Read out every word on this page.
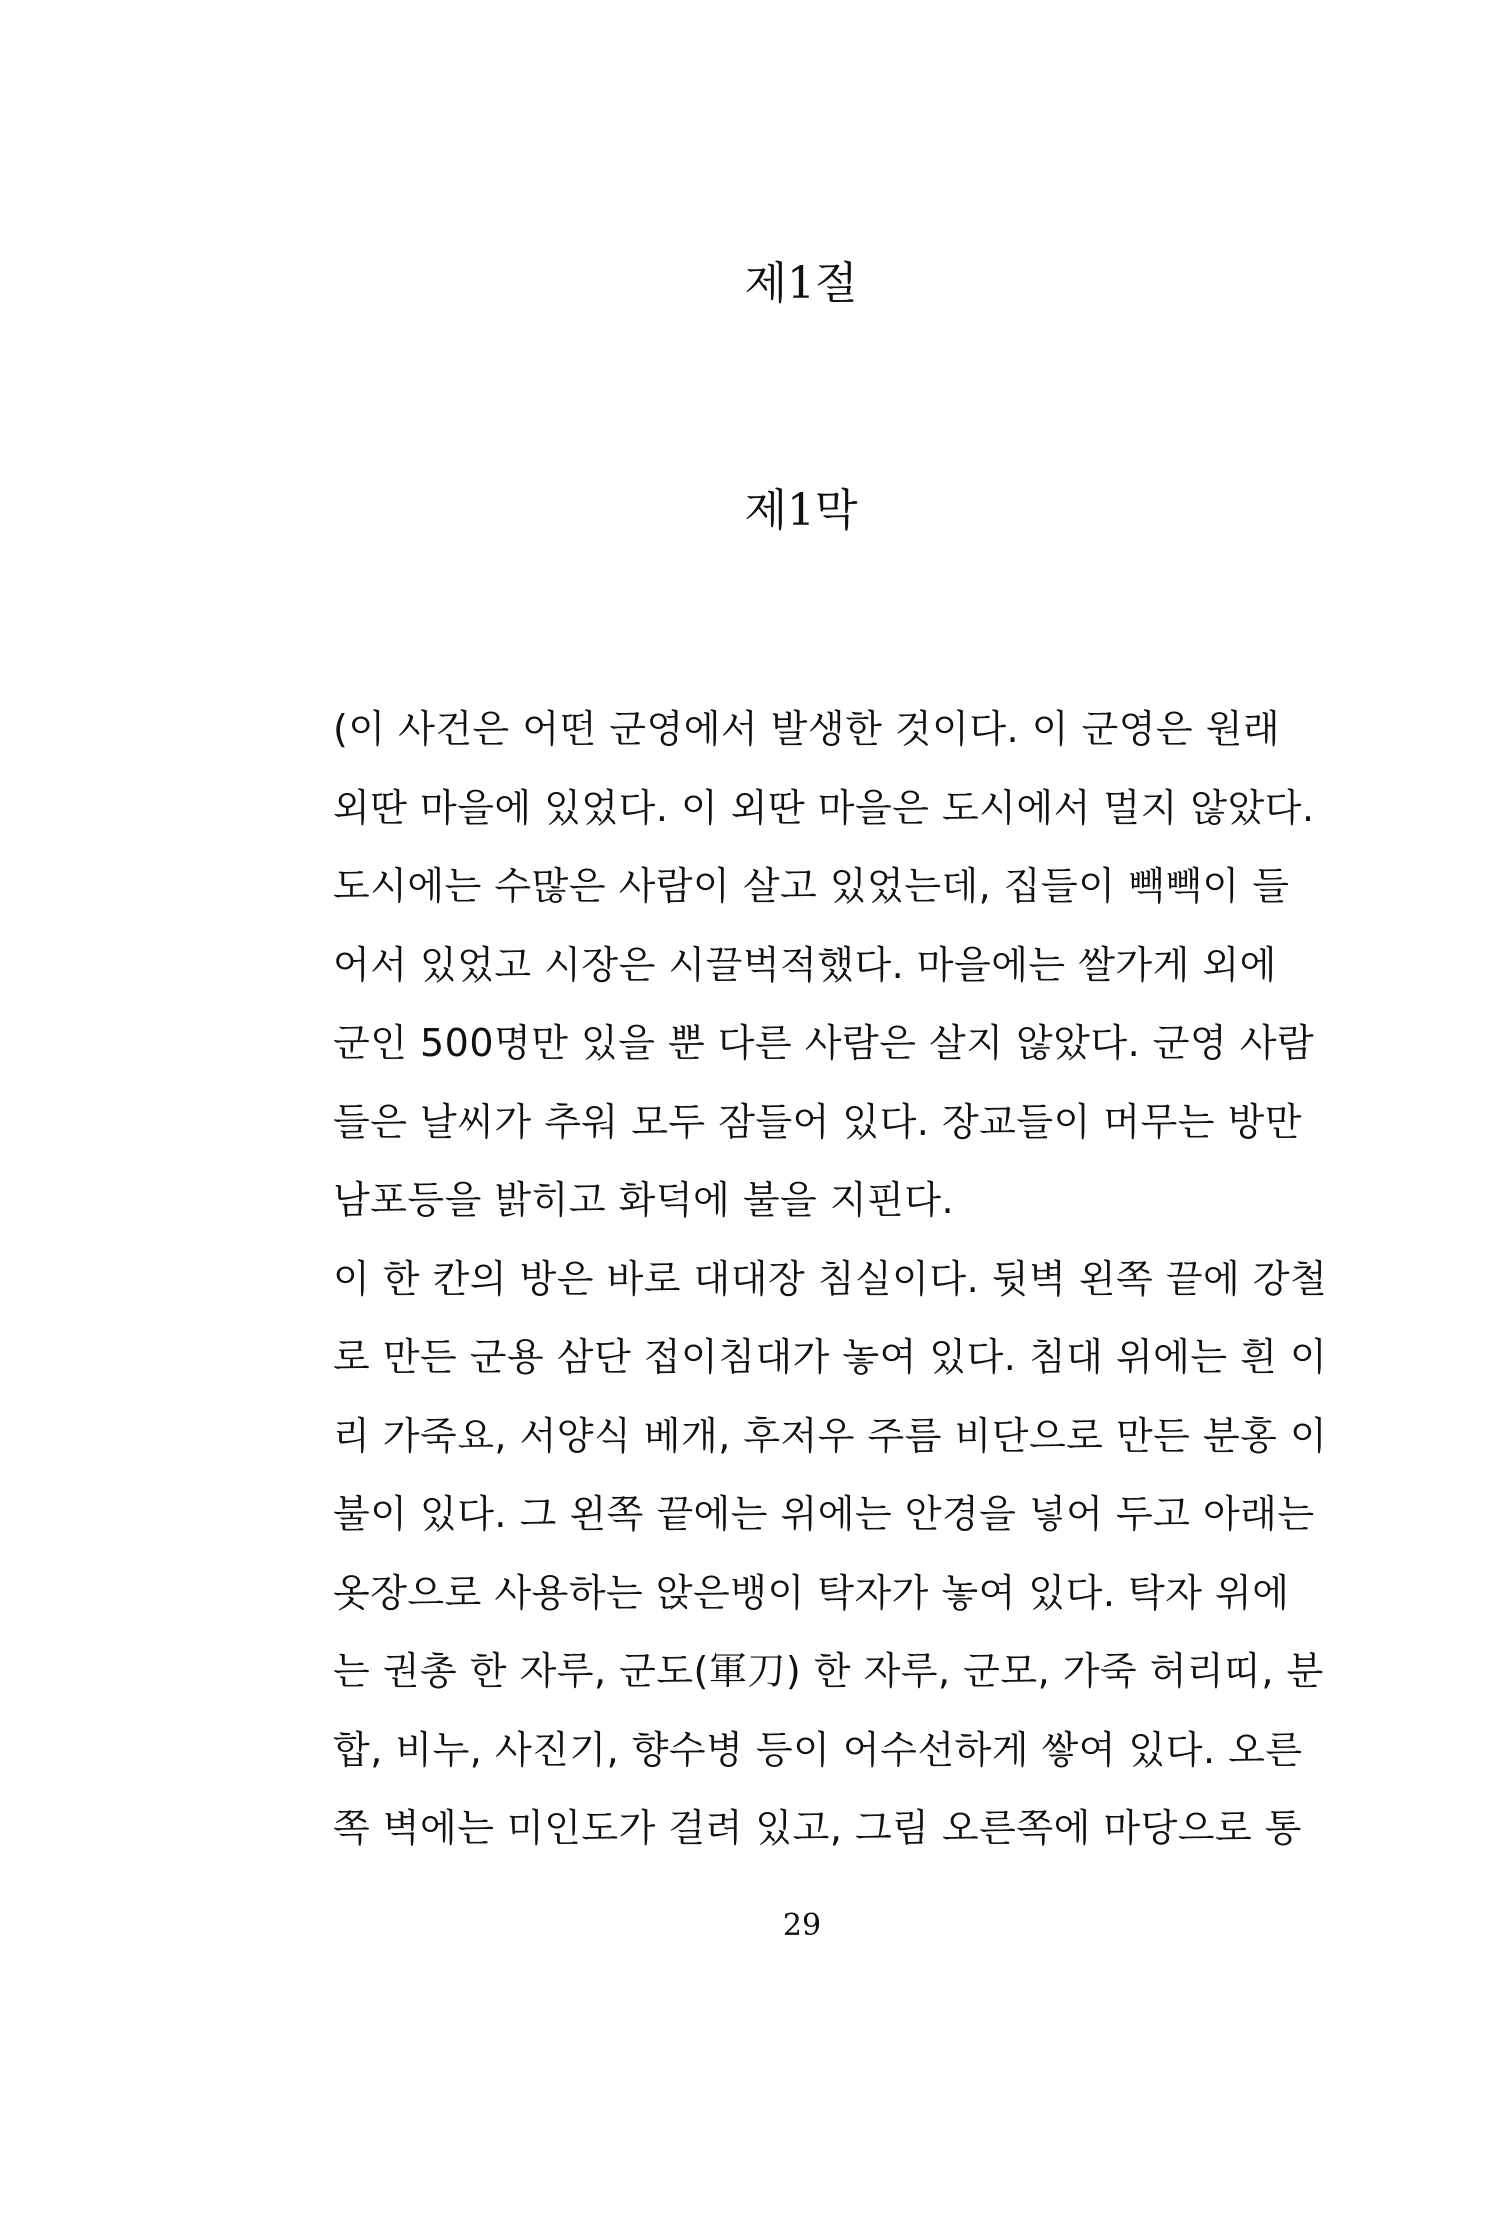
제1절
제1막
(이 사건은 어떤 군영에서 발생한 것이다. 이 군영은 원래
외딴 마을에 있었다. 이 외딴 마을은 도시에서 멀지 않았다.
도시에는 수많은 사람이 살고 있었는데, 집들이 빽빽이 들
어서 있었고 시장은 시끌벅적했다. 마을에는 쌀가게 외에
군인 500명만 있을 뿐 다른 사람은 살지 않았다. 군영 사람
들은 날씨가 추워 모두 잠들어 있다. 장교들이 머무는 방만
남포등을 밝히고 화덕에 불을 지핀다.
이 한 칸의 방은 바로 대대장 침실이다. 뒷벽 왼쪽 끝에 강철
로 만든 군용 삼단 접이침대가 놓여 있다. 침대 위에는 흰 이
리 가죽요, 서양식 베개, 후저우 주름 비단으로 만든 분홍 이
불이 있다. 그 왼쪽 끝에는 위에는 안경을 넣어 두고 아래는
옷장으로 사용하는 앉은뱅이 탁자가 놓여 있다. 탁자 위에
는 권총 한 자루, 군도(軍刀) 한 자루, 군모, 가죽 허리띠, 분
합, 비누, 사진기, 향수병 등이 어수선하게 쌓여 있다. 오른
쪽 벽에는 미인도가 걸려 있고, 그림 오른쪽에 마당으로 통
29
